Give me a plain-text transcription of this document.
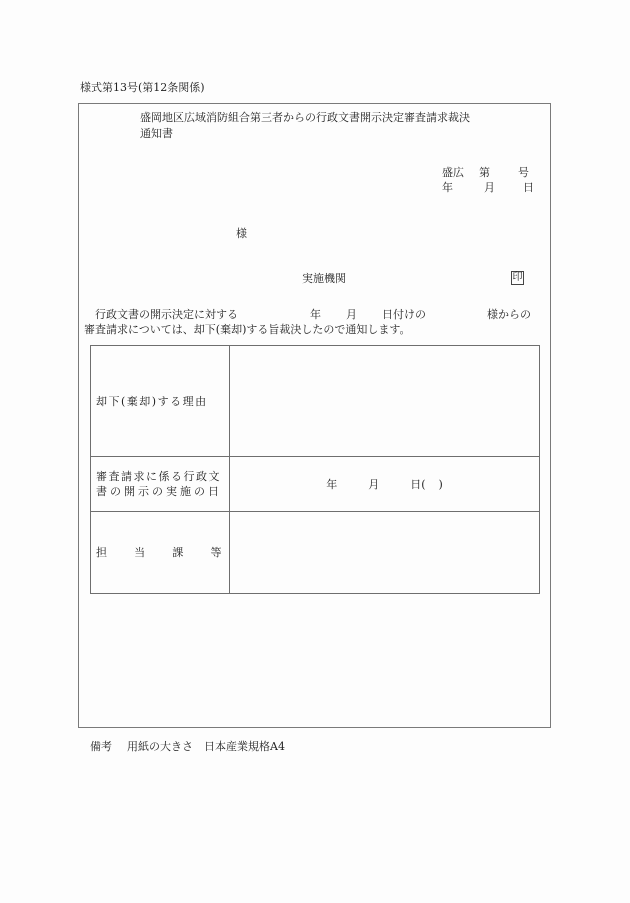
様式第13号(第12条関係)
盛岡地区広域消防組合第三者からの行政文書開示決定審査請求裁決
通知書
盛広 第	号
年	月	日
様
実施機関	印
行政文書の開示決定に対する	年 月 日付けの	様からの
審査請求については、却下(棄却)する旨裁決したので通知します。
却下(棄却)する理由	

審査請求に係る行政文
書の開示の実施の日	年 月 日( )

担 当 課 等	

備考 用紙の大きさ　日本産業規格A4
